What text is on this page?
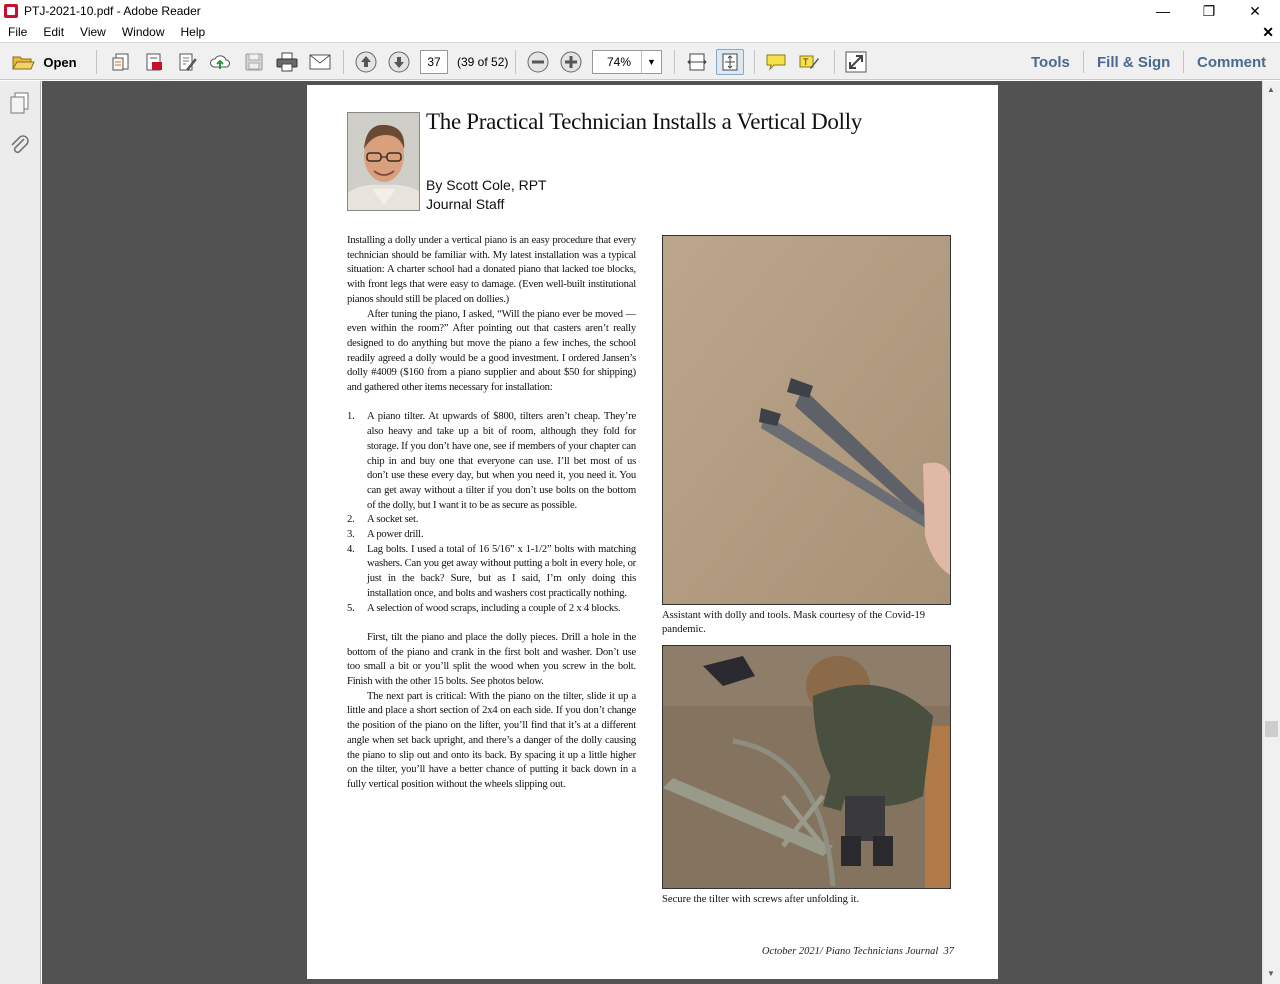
PTJ-2021-10.pdf - Adobe Reader	—	❐	✕
File	Edit	View	Window	Help	✕
Open	37	(39 of 52)	74%	▼	T	Tools Fill & Sign Comment
▲
▼
The Practical Technician Installs a Vertical Dolly
By Scott Cole, RPT
Journal Staff

Installing a dolly under a vertical piano is an easy procedure that every technician should be familiar with. My latest installation was a typical situation: A charter school had a donated piano that lacked toe blocks, with front legs that were easy to damage. (Even well-built institutional pianos should still be placed on dollies.)

After tuning the piano, I asked, “Will the piano ever be moved — even within the room?” After pointing out that casters aren’t really designed to do anything but move the piano a few inches, the school readily agreed a dolly would be a good investment. I ordered Jansen’s dolly #4009 ($160 from a piano supplier and about $50 for shipping) and gathered other items necessary for installation:

1. A piano tilter. At upwards of $800, tilters aren’t cheap. They’re also heavy and take up a bit of room, although they fold for storage. If you don’t have one, see if members of your chapter can chip in and buy one that everyone can use. I’ll bet most of us don’t use these every day, but when you need it, you need it. You can get away without a tilter if you don’t use bolts on the bottom of the dolly, but I want it to be as secure as possible.
2. A socket set.
3. A power drill.
4. Lag bolts. I used a total of 16 5/16” x 1-1/2” bolts with matching washers. Can you get away without putting a bolt in every hole, or just in the back? Sure, but as I said, I’m only doing this installation once, and bolts and washers cost practically nothing.
5. A selection of wood scraps, including a couple of 2 x 4 blocks.

First, tilt the piano and place the dolly pieces. Drill a hole in the bottom of the piano and crank in the first bolt and washer. Don’t use too small a bit or you’ll split the wood when you screw in the bolt. Finish with the other 15 bolts. See photos below.

The next part is critical: With the piano on the tilter, slide it up a little and place a short section of 2x4 on each side. If you don’t change the position of the piano on the lifter, you’ll find that it’s at a different angle when set back upright, and there’s a danger of the dolly causing the piano to slip out and onto its back. By spacing it up a little higher on the tilter, you’ll have a better chance of putting it back down in a fully vertical position without the wheels slipping out.

Assistant with dolly and tools. Mask courtesy of the Covid-19 pandemic.
Secure the tilter with screws after unfolding it.
October 2021/ Piano Technicians Journal 37
